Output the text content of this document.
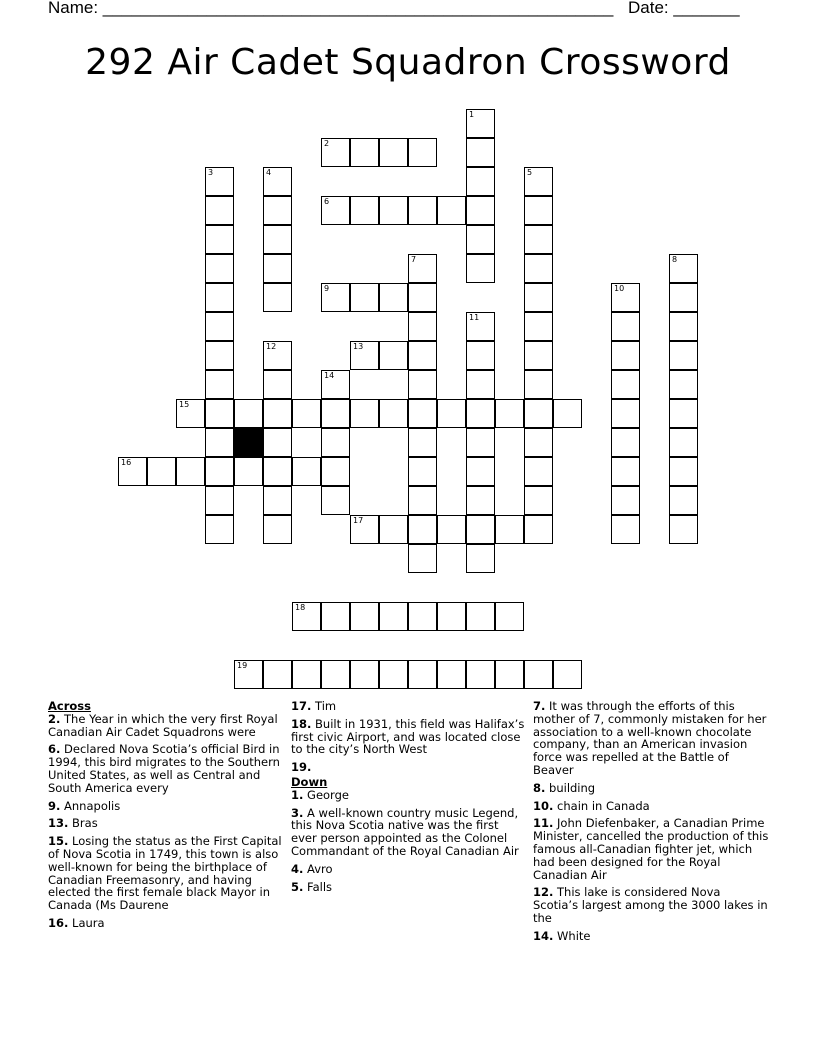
Name: ______________________________________________________ Date: _______
292 Air Cadet Squadron Crossword
1
2
3	4	5
6
7	8
9	10
11
12	13
14
15
16
17
18
19

Across

2. The Year in which the very first Royal Canadian Air Cadet Squadrons were

6. Declared Nova Scotia’s official Bird in 1994, this bird migrates to the Southern United States, as well as Central and South America every

9. Annapolis

13. Bras

15. Losing the status as the First Capital of Nova Scotia in 1749, this town is also well-known for being the birthplace of Canadian Freemasonry, and having elected the first female black Mayor in Canada (Ms Daurene

16. Laura

17. Tim

18. Built in 1931, this field was Halifax’s first civic Airport, and was located close to the city’s North West

19.

Down

1. George

3. A well-known country music Legend, this Nova Scotia native was the first ever person appointed as the Colonel Commandant of the Royal Canadian Air

4. Avro

5. Falls

7. It was through the efforts of this mother of 7, commonly mistaken for her association to a well-known chocolate company, than an American invasion force was repelled at the Battle of Beaver

8. building

10. chain in Canada

11. John Diefenbaker, a Canadian Prime Minister, cancelled the production of this famous all-Canadian fighter jet, which had been designed for the Royal Canadian Air

12. This lake is considered Nova Scotia’s largest among the 3000 lakes in the

14. White
